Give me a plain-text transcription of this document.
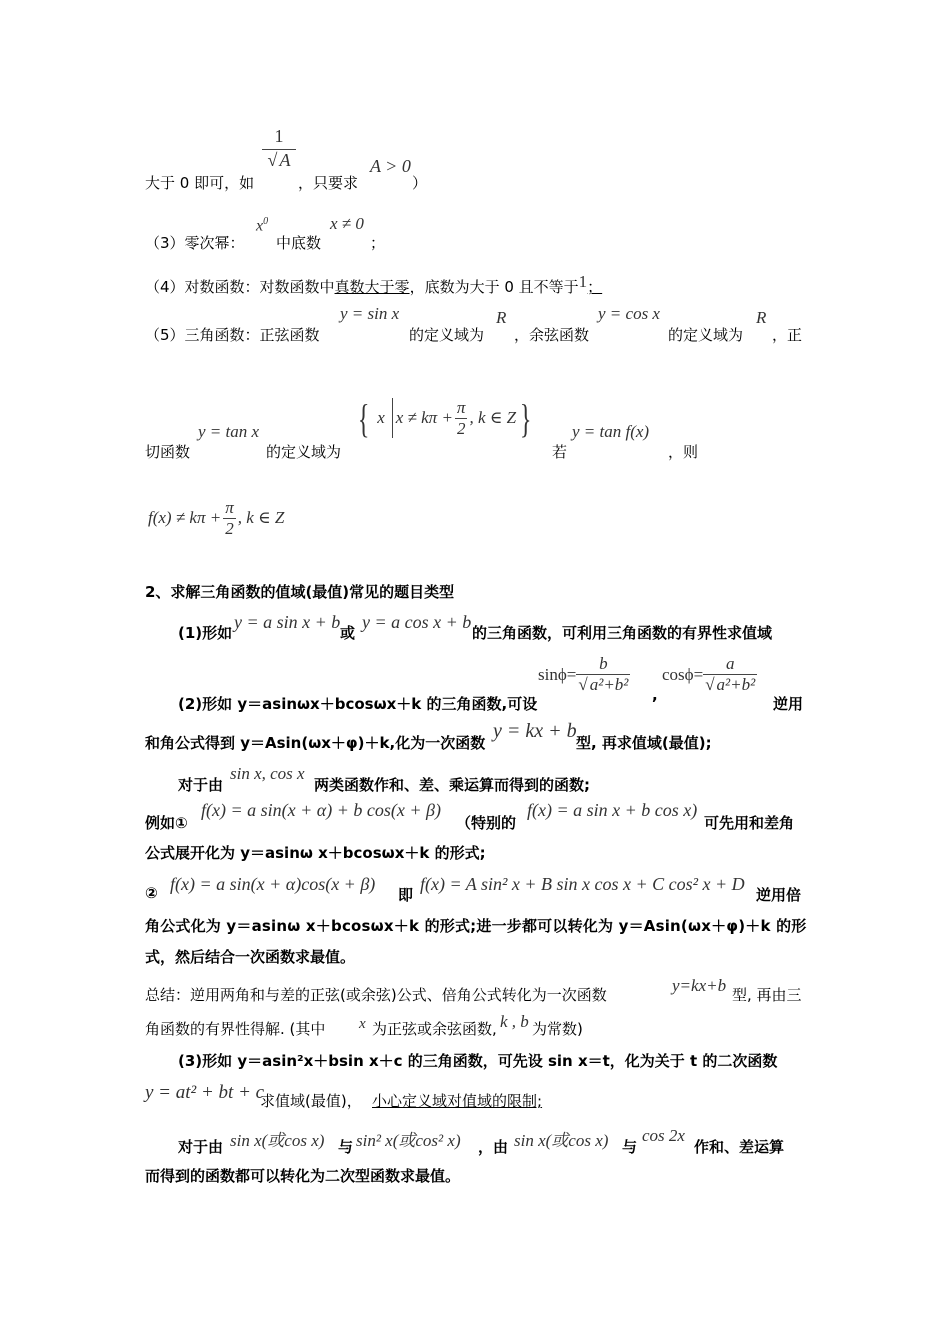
$\frac{1}{√ A}$
大于 0 即可，如	，只要求
A > 0
）
（3）零次幂：
$x^0$
中底数
x ≠ 0
；
（4）对数函数：对数函数中真数大于零，底数为大于 0 且不等于1；
（5）三角函数：正弦函数
y = sin x
的定义域为
R
，余弦函数
y = cos x
的定义域为
R
，正
切函数
y = tan x
的定义域为
{ x $x \ne k\pi + \frac{\pi}{2}$ , k ∈ Z }
若
y = tan f(x)
，则
$f(x) \ne k\pi + \frac{\pi}{2}$ , k ∈ Z
2、求解三角函数的值域(最值)常见的题目类型
(1)形如
y = a sin x + b
或
y = a cos x + b
的三角函数，可利用三角函数的有界性求值域
$\sin\phi= \frac{b}{\text{√ a²+b²}} \cos\phi= \frac{a}{\text{√ a²+b²}}$
(2)形如 y＝asinωx＋bcosωx＋k 的三角函数,可设	,	逆用
和角公式得到 y＝Asin(ωx＋φ)＋k,化为一次函数
y = kx + b
型, 再求值域(最值);
对于由
sin x, cos x
两类函数作和、差、乘运算而得到的函数;
例如①
f(x) = a sin(x + α) + b cos(x + β)
（特别的
f(x) = a sin x + b cos x)
可先用和差角
公式展开化为 y＝asinω x＋bcosωx＋k 的形式;
② f(x) = a sin(x + α)cos(x + β)
即
f(x) = A sin² x + B sin x cos x + C cos² x + D
逆用倍
角公式化为 y＝asinω x＋bcosωx＋k 的形式;进一步都可以转化为 y＝Asin(ωx＋φ)＋k 的形
式，然后结合一次函数求最值。
总结：逆用两角和与差的正弦(或余弦)公式、倍角公式转化为一次函数	y=kx+b 型, 再由三
角函数的有界性得解. (其中 x 为正弦或余弦函数, k , b 为常数)
(3)形如 y＝asin²x＋bsin x＋c 的三角函数，可先设 sin x＝t，化为关于 t 的二次函数
y = at² + bt + c
求值域(最值)， 小心定义域对值域的限制;
对于由 sin x(或cos x) 与 sin² x(或cos² x) ，由 sin x(或cos x) 与
cos 2x
作和、差运算
而得到的函数都可以转化为二次型函数求最值。
